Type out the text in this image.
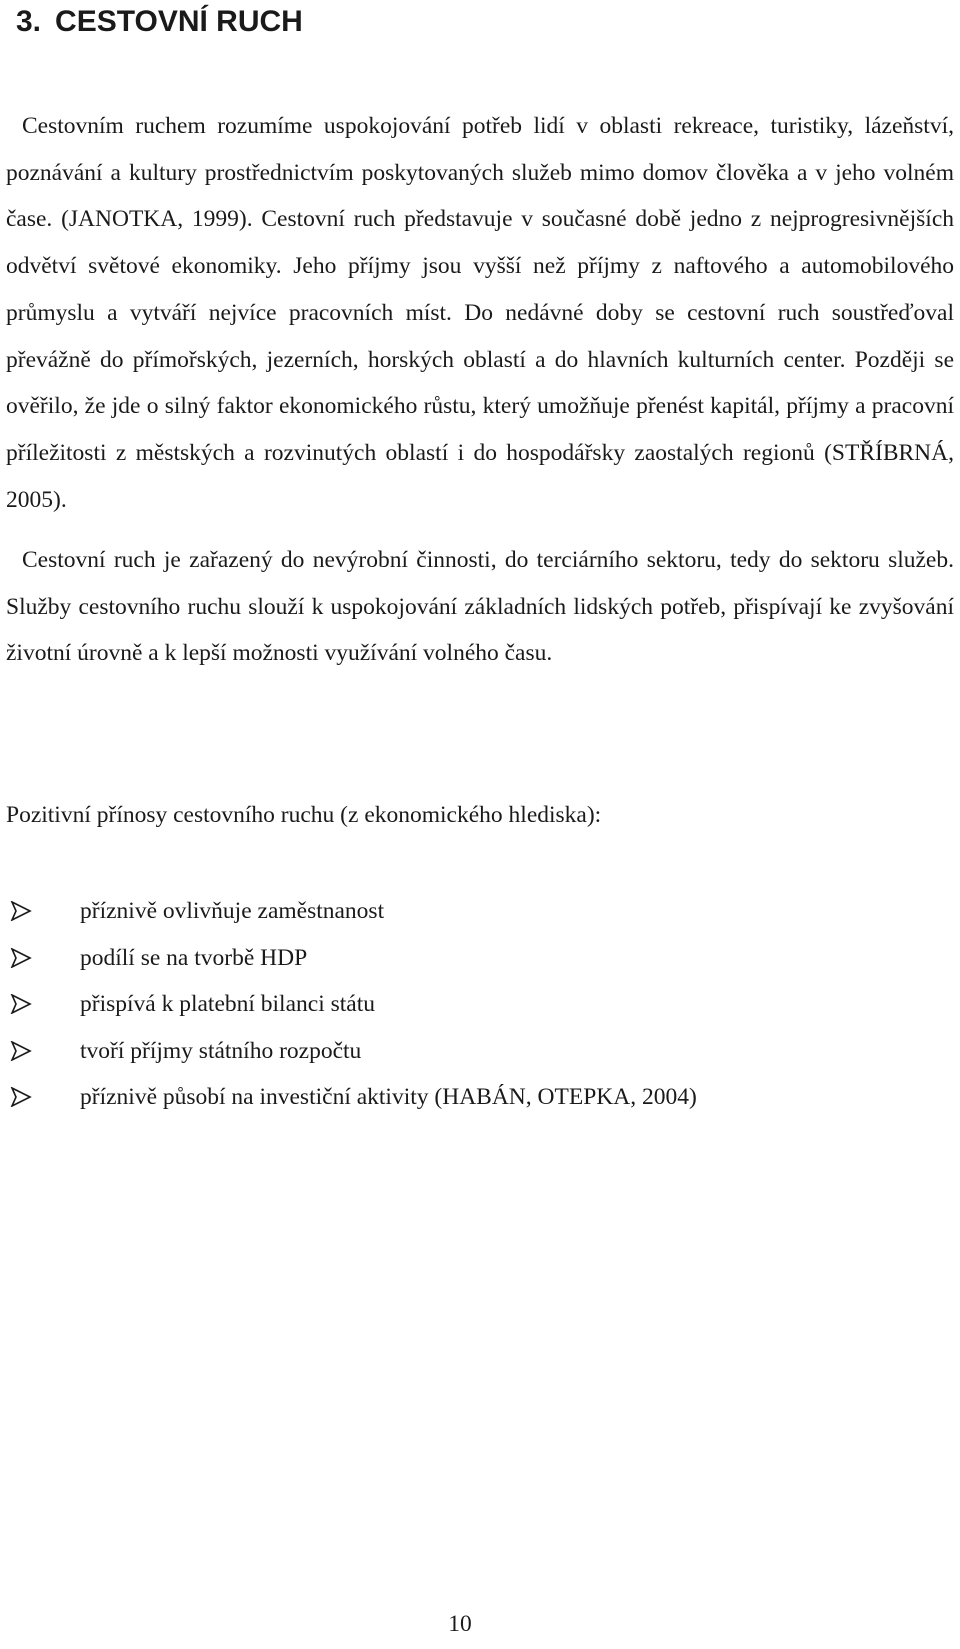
3. CESTOVNÍ RUCH

Cestovním ruchem rozumíme uspokojování potřeb lidí v oblasti rekreace, turistiky, lázeňství, poznávání a kultury prostřednictvím poskytovaných služeb mimo domov člověka a v jeho volném čase. (JANOTKA, 1999). Cestovní ruch představuje v současné době jedno z nejprogresivnějších odvětví světové ekonomiky. Jeho příjmy jsou vyšší než příjmy z naftového a automobilového průmyslu a vytváří nejvíce pracovních míst. Do nedávné doby se cestovní ruch soustřeďoval převážně do přímořských, jezerních, horských oblastí a do hlavních kulturních center. Později se ověřilo, že jde o silný faktor ekonomického růstu, který umožňuje přenést kapitál, příjmy a pracovní příležitosti z městských a rozvinutých oblastí i do hospodářsky zaostalých regionů (STŘÍBRNÁ, 2005).

Cestovní ruch je zařazený do nevýrobní činnosti, do terciárního sektoru, tedy do sektoru služeb. Služby cestovního ruchu slouží k uspokojování základních lidských potřeb, přispívají ke zvyšování životní úrovně a k lepší možnosti využívání volného času.

Pozitivní přínosy cestovního ruchu (z ekonomického hlediska):

příznivě ovlivňuje zaměstnanost
podílí se na tvorbě HDP
přispívá k platební bilanci státu
tvoří příjmy státního rozpočtu
příznivě působí na investiční aktivity (HABÁN, OTEPKA, 2004)
10
